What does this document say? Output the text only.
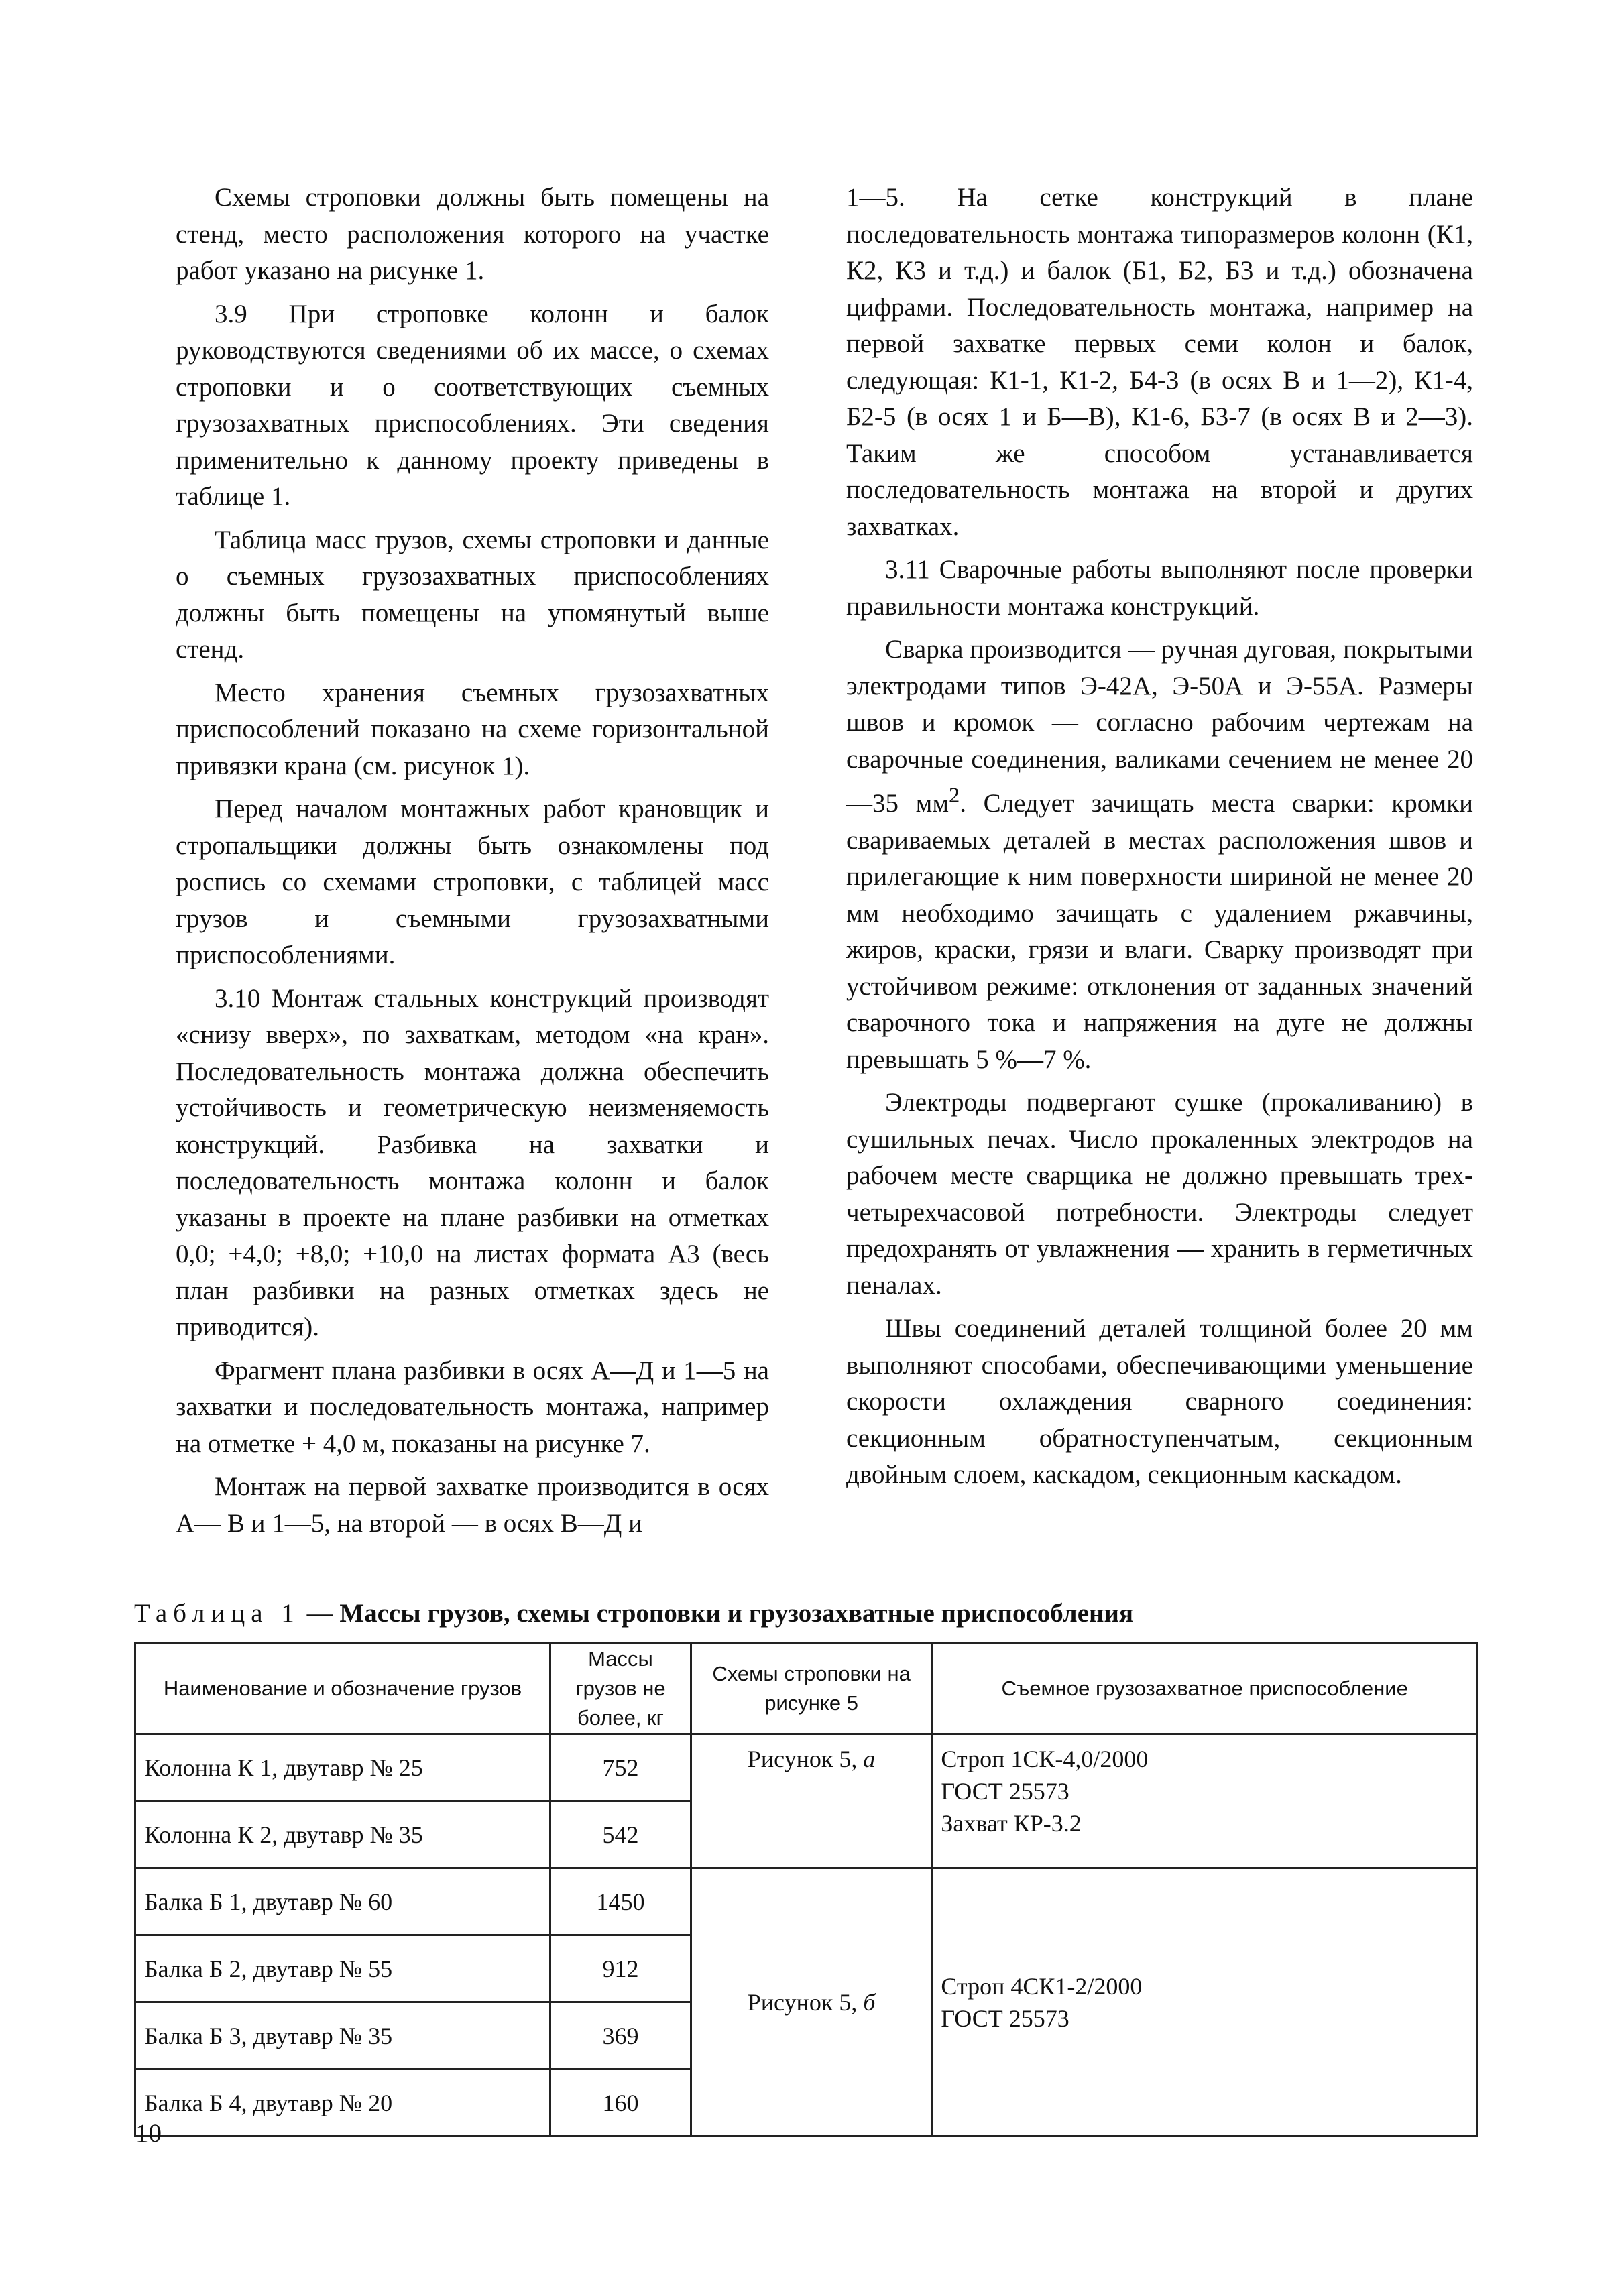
Схемы строповки должны быть помещены на стенд, место расположения которого на участке работ указано на рисунке 1.

3.9 При строповке колонн и балок руководствуются сведениями об их массе, о схемах строповки и о соответствующих съемных грузозахватных приспособлениях. Эти сведения применительно к данному проекту приведены в таблице 1.

Таблица масс грузов, схемы строповки и данные о съемных грузозахватных приспособлениях должны быть помещены на упомянутый выше стенд.

Место хранения съемных грузозахватных приспособлений показано на схеме горизонтальной привязки крана (см. рисунок 1).

Перед началом монтажных работ крановщик и стропальщики должны быть ознакомлены под роспись со схемами строповки, с таблицей масс грузов и съемными грузозахватными приспособлениями.

3.10 Монтаж стальных конструкций производят «снизу вверх», по захваткам, методом «на кран». Последовательность монтажа должна обеспечить устойчивость и геометрическую неизменяемость конструкций. Разбивка на захватки и последовательность монтажа колонн и балок указаны в проекте на плане разбивки на отметках 0,0; +4,0; +8,0; +10,0 на листах формата А3 (весь план разбивки на разных отметках здесь не приводится).

Фрагмент плана разбивки в осях А—Д и 1—5 на захватки и последовательность монтажа, например на отметке + 4,0 м, показаны на рисунке 7.

Монтаж на первой захватке производится в осях А— В и 1—5, на второй — в осях В—Д и

1—5. На сетке конструкций в плане последовательность монтажа типоразмеров колонн (К1, К2, К3 и т.д.) и балок (Б1, Б2, Б3 и т.д.) обозначена цифрами. Последовательность монтажа, например на первой захватке первых семи колон и балок, следующая: К1-1, К1-2, Б4-3 (в осях В и 1—2), К1-4, Б2-5 (в осях 1 и Б—В), К1-6, Б3-7 (в осях В и 2—3). Таким же способом устанавливается последовательность монтажа на второй и других захватках.

3.11 Сварочные работы выполняют после проверки правильности монтажа конструкций.

Сварка производится — ручная дуговая, покрытыми электродами типов Э-42А, Э-50А и Э-55А. Размеры швов и кромок — согласно рабочим чертежам на сварочные соединения, валиками сечением не менее 20—35 $мм^2$. Следует зачищать места сварки: кромки свариваемых деталей в местах расположения швов и прилегающие к ним поверхности шириной не менее 20 мм необходимо зачищать с удалением ржавчины, жиров, краски, грязи и влаги. Сварку производят при устойчивом режиме: отклонения от заданных значений сварочного тока и напряжения на дуге не должны превышать 5 %—7 %.

Электроды подвергают сушке (прокаливанию) в сушильных печах. Число прокаленных электродов на рабочем месте сварщика не должно превышать трех-четырехчасовой потребности. Электроды следует предохранять от увлажнения — хранить в герметичных пеналах.

Швы соединений деталей толщиной более 20 мм выполняют способами, обеспечивающими уменьшение скорости охлаждения сварного соединения: секционным обратноступенчатым, секционным двойным слоем, каскадом, секционным каскадом.

Таблица 1 — Массы грузов, схемы строповки и грузозахватные приспособления
Наименование и обозначение грузов	Массы грузов не более, кг	Схемы строповки на рисунке 5	Съемное грузозахватное приспособление
Колонна К 1, двутавр № 25	752	Рисунок 5, а	Строп 1СК-4,0/2000
ГОСТ 25573
Захват КР-3.2

Колонна К 2, двутавр № 35	542		
Балка Б 1, двутавр № 60	1450	Рисунок 5, б	Строп 4СК1-2/2000
ГОСТ 25573

Балка Б 2, двутавр № 55	912		
Балка Б 3, двутавр № 35	369		
Балка Б 4, двутавр № 20	160		
10
